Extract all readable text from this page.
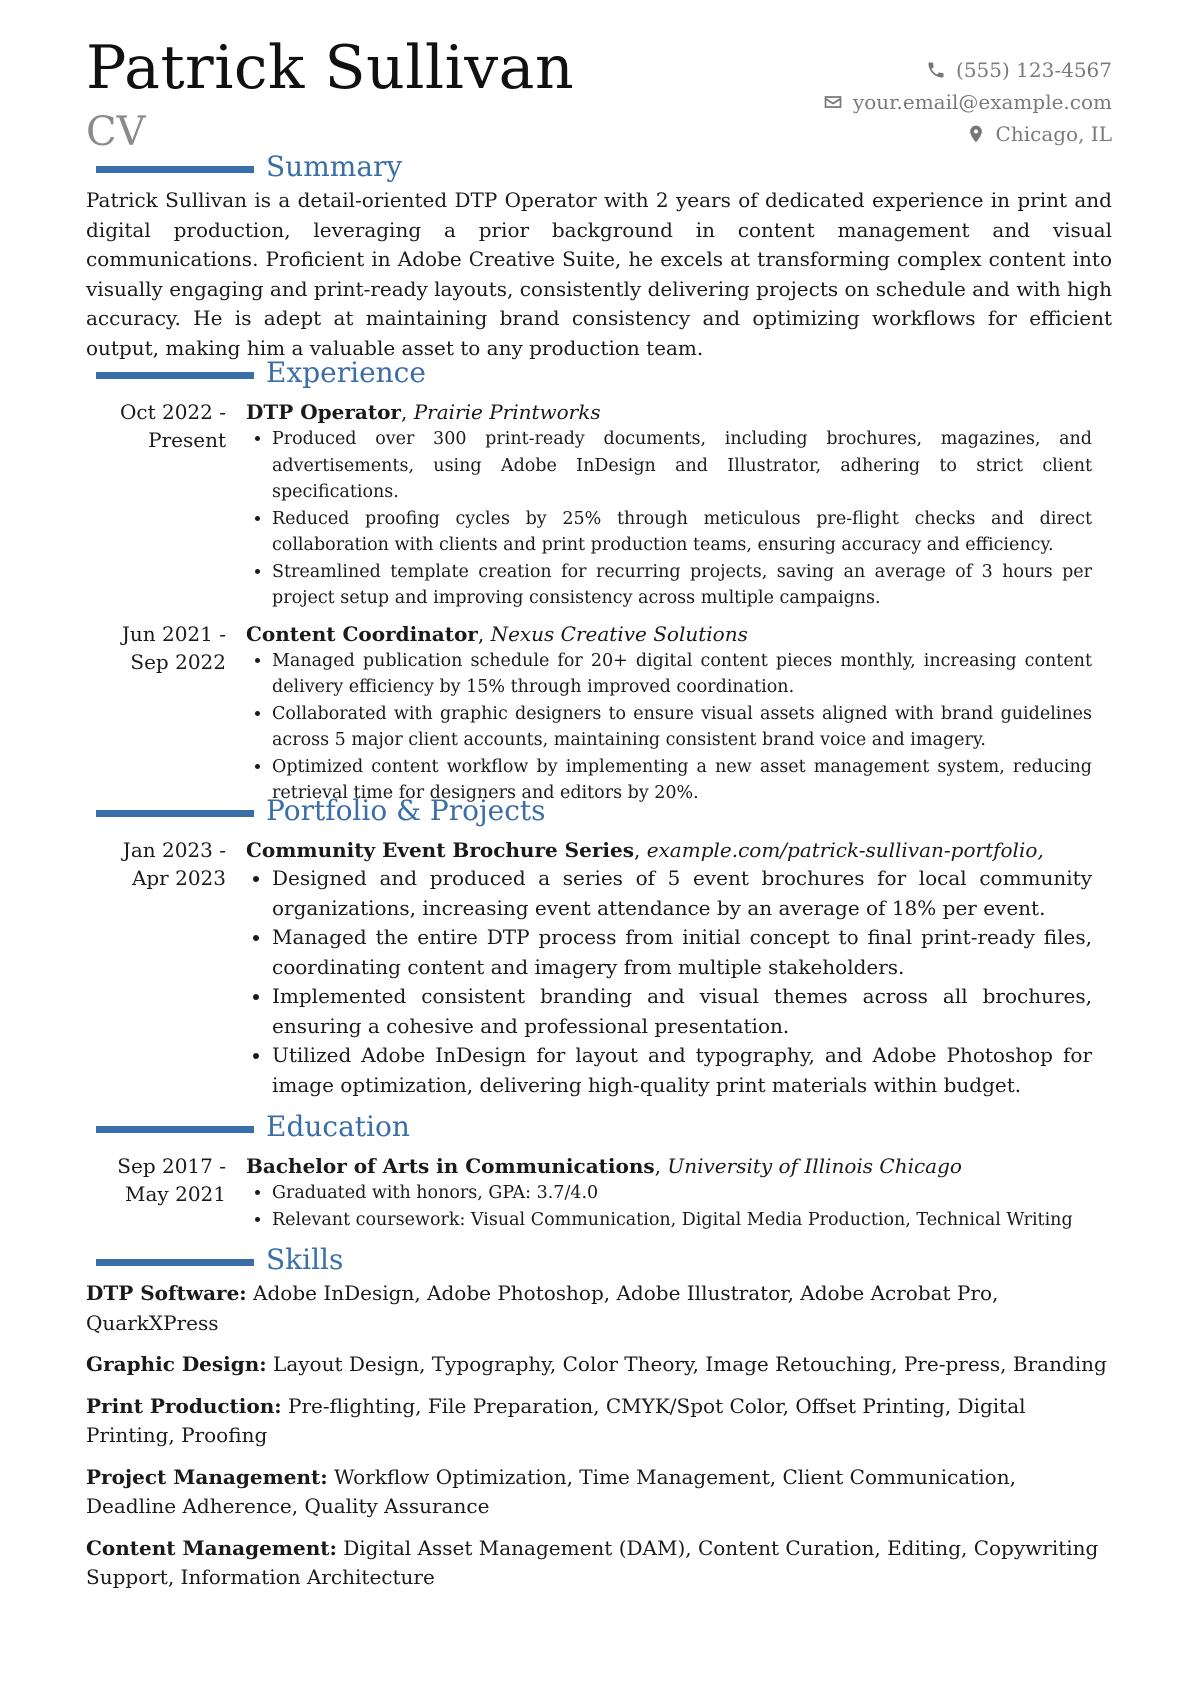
Patrick Sullivan
CV
(555) 123-4567
your.email@example.com
Chicago, IL
Summary

Patrick Sullivan is a detail-oriented DTP Operator with 2 years of dedicated experience in print and digital production, leveraging a prior background in content management and visual communications. Proficient in Adobe Creative Suite, he excels at transforming complex content into visually engaging and print-ready layouts, consistently delivering projects on schedule and with high accuracy. He is adept at maintaining brand consistency and optimizing workflows for efficient output, making him a valuable asset to any production team.

Experience
Oct 2022 - Present
DTP Operator, Prairie Printworks
• Produced over 300 print-ready documents, including brochures, magazines, and advertisements, using Adobe InDesign and Illustrator, adhering to strict client specifications.
• Reduced proofing cycles by 25% through meticulous pre-flight checks and direct collaboration with clients and print production teams, ensuring accuracy and efficiency.
• Streamlined template creation for recurring projects, saving an average of 3 hours per project setup and improving consistency across multiple campaigns.
Jun 2021 - Sep 2022
Content Coordinator, Nexus Creative Solutions
• Managed publication schedule for 20+ digital content pieces monthly, increasing content delivery efficiency by 15% through improved coordination.
• Collaborated with graphic designers to ensure visual assets aligned with brand guidelines across 5 major client accounts, maintaining consistent brand voice and imagery.
• Optimized content workflow by implementing a new asset management system, reducing retrieval time for designers and editors by 20%.
Portfolio & Projects
Jan 2023 - Apr 2023
Community Event Brochure Series, example.com/patrick-sullivan-portfolio,
• Designed and produced a series of 5 event brochures for local community organizations, increasing event attendance by an average of 18% per event.
• Managed the entire DTP process from initial concept to final print-ready files, coordinating content and imagery from multiple stakeholders.
• Implemented consistent branding and visual themes across all brochures, ensuring a cohesive and professional presentation.
• Utilized Adobe InDesign for layout and typography, and Adobe Photoshop for image optimization, delivering high-quality print materials within budget.
Education
Sep 2017 - May 2021
Bachelor of Arts in Communications, University of Illinois Chicago
• Graduated with honors, GPA: 3.7/4.0
• Relevant coursework: Visual Communication, Digital Media Production, Technical Writing
Skills

DTP Software: Adobe InDesign, Adobe Photoshop, Adobe Illustrator, Adobe Acrobat Pro, QuarkXPress

Graphic Design: Layout Design, Typography, Color Theory, Image Retouching, Pre-press, Branding

Print Production: Pre-flighting, File Preparation, CMYK/Spot Color, Offset Printing, Digital Printing, Proofing

Project Management: Workflow Optimization, Time Management, Client Communication, Deadline Adherence, Quality Assurance

Content Management: Digital Asset Management (DAM), Content Curation, Editing, Copywriting Support, Information Architecture
